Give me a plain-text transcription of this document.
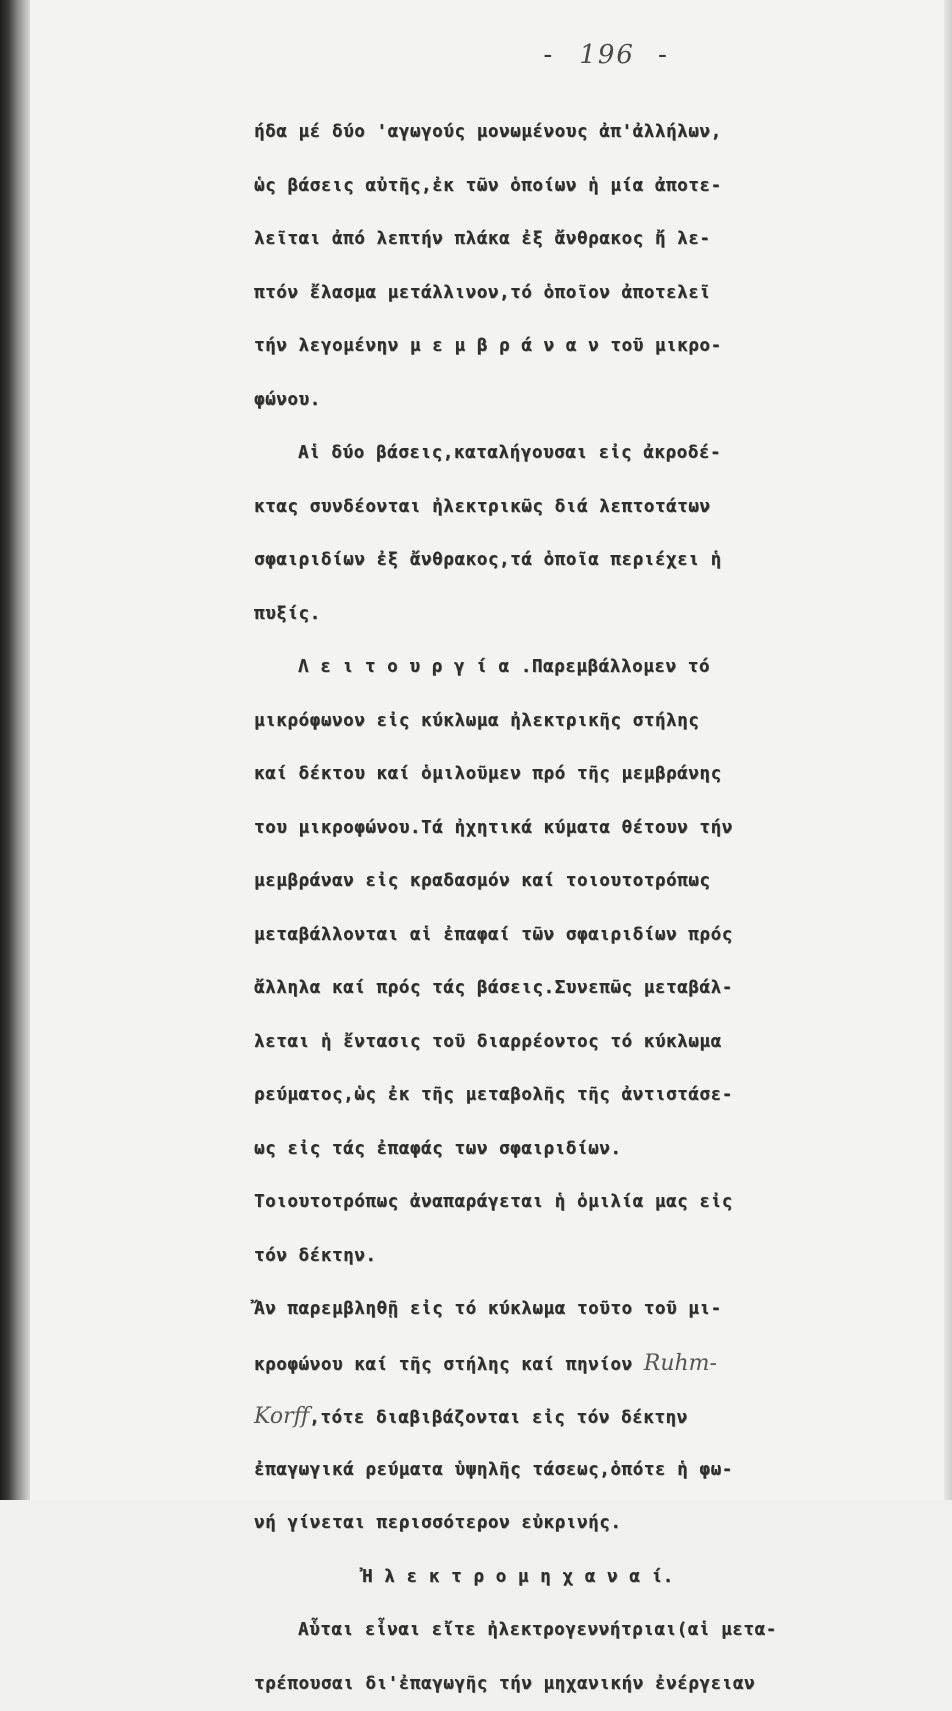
- 196 -
ήδα μέ δύο 'αγωγούς μονωμένους ἀπ'ἀλλήλων,
ὡς βάσεις αὐτῆς,ἐκ τῶν ὁποίων ἡ μία ἀποτε-
λεῖται ἀπό λεπτήν πλάκα ἐξ ἄνθρακος ἤ λε-
πτόν ἔλασμα μετάλλινον,τό ὁποῖον ἀποτελεῖ
τήν λεγομένην μ ε μ β ρ ά ν α ν τοῦ μικρο-
φώνου.
Αἱ δύο βάσεις,καταλήγουσαι εἰς ἀκροδέ-
κτας συνδέονται ἠλεκτρικῶς διά λεπτοτάτων
σφαιριδίων ἐξ ἄνθρακος,τά ὁποῖα περιέχει ἡ
πυξίς.
Λ ε ι τ ο υ ρ γ ί α .Παρεμβάλλομεν τό
μικρόφωνον εἰς κύκλωμα ἠλεκτρικῆς στήλης
καί δέκτου καί ὁμιλοῦμεν πρό τῆς μεμβράνης
του μικροφώνου.Τά ἠχητικά κύματα θέτουν τήν
μεμβράναν εἰς κραδασμόν καί τοιουτοτρόπως
μεταβάλλονται αἱ ἐπαφαί τῶν σφαιριδίων πρός
ἄλληλα καί πρός τάς βάσεις.Συνεπῶς μεταβάλ-
λεται ἡ ἔντασις τοῦ διαρρέοντος τό κύκλωμα
ρεύματος,ὡς ἐκ τῆς μεταβολῆς τῆς ἀντιστάσε-
ως εἰς τάς ἐπαφάς των σφαιριδίων.
Τοιουτοτρόπως ἀναπαράγεται ἡ ὁμιλία μας εἰς
τόν δέκτην.
Ἄν παρεμβληθῇ εἰς τό κύκλωμα τοῦτο τοῦ μι-
κροφώνου καί τῆς στήλης καί πηνίον Ruhm-
Korff,τότε διαβιβάζονται εἰς τόν δέκτην
ἐπαγωγικά ρεύματα ὑψηλῆς τάσεως,ὁπότε ἡ φω-
νή γίνεται περισσότερον εὐκρινής.
Ἠ λ ε κ τ ρ ο μ η χ α ν α ί.
Αὗται εἶναι εἴτε ἠλεκτρογεννήτριαι(αἱ μετα-
τρέπουσαι δι'ἐπαγωγῆς τήν μηχανικήν ἐνέργειαν
